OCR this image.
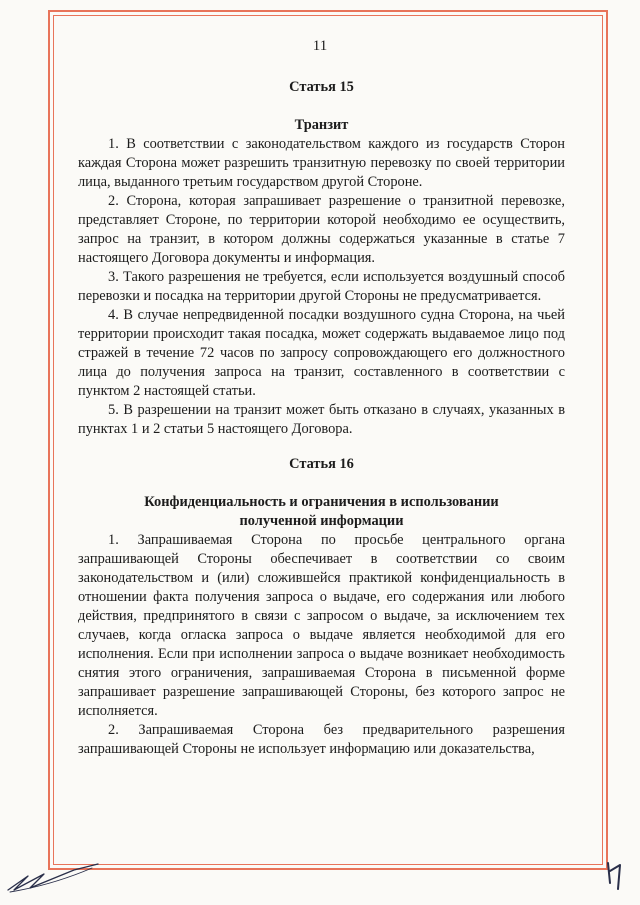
11
Статья 15
Транзит

1. В соответствии с законодательством каждого из государств Сторон каждая Сторона может разрешить транзитную перевозку по своей территории лица, выданного третьим государством другой Стороне.

2. Сторона, которая запрашивает разрешение о транзитной перевозке, представляет Стороне, по территории которой необходимо ее осуществить, запрос на транзит, в котором должны содержаться указанные в статье 7 настоящего Договора документы и информация.

3. Такого разрешения не требуется, если используется воздушный способ перевозки и посадка на территории другой Стороны не предусматривается.

4. В случае непредвиденной посадки воздушного судна Сторона, на чьей территории происходит такая посадка, может содержать выдаваемое лицо под стражей в течение 72 часов по запросу сопровождающего его должностного лица до получения запроса на транзит, составленного в соответствии с пунктом 2 настоящей статьи.

5. В разрешении на транзит может быть отказано в случаях, указанных в пунктах 1 и 2 статьи 5 настоящего Договора.

Статья 16
Конфиденциальность и ограничения в использовании
полученной информации

1. Запрашиваемая Сторона по просьбе центрального органа запрашивающей Стороны обеспечивает в соответствии со своим законодательством и (или) сложившейся практикой конфиденциальность в отношении факта получения запроса о выдаче, его содержания или любого действия, предпринятого в связи с запросом о выдаче, за исключением тех случаев, когда огласка запроса о выдаче является необходимой для его исполнения. Если при исполнении запроса о выдаче возникает необходимость снятия этого ограничения, запрашиваемая Сторона в письменной форме запрашивает разрешение запрашивающей Стороны, без которого запрос не исполняется.

2. Запрашиваемая Сторона без предварительного разрешения запрашивающей Стороны не использует информацию или доказательства,
